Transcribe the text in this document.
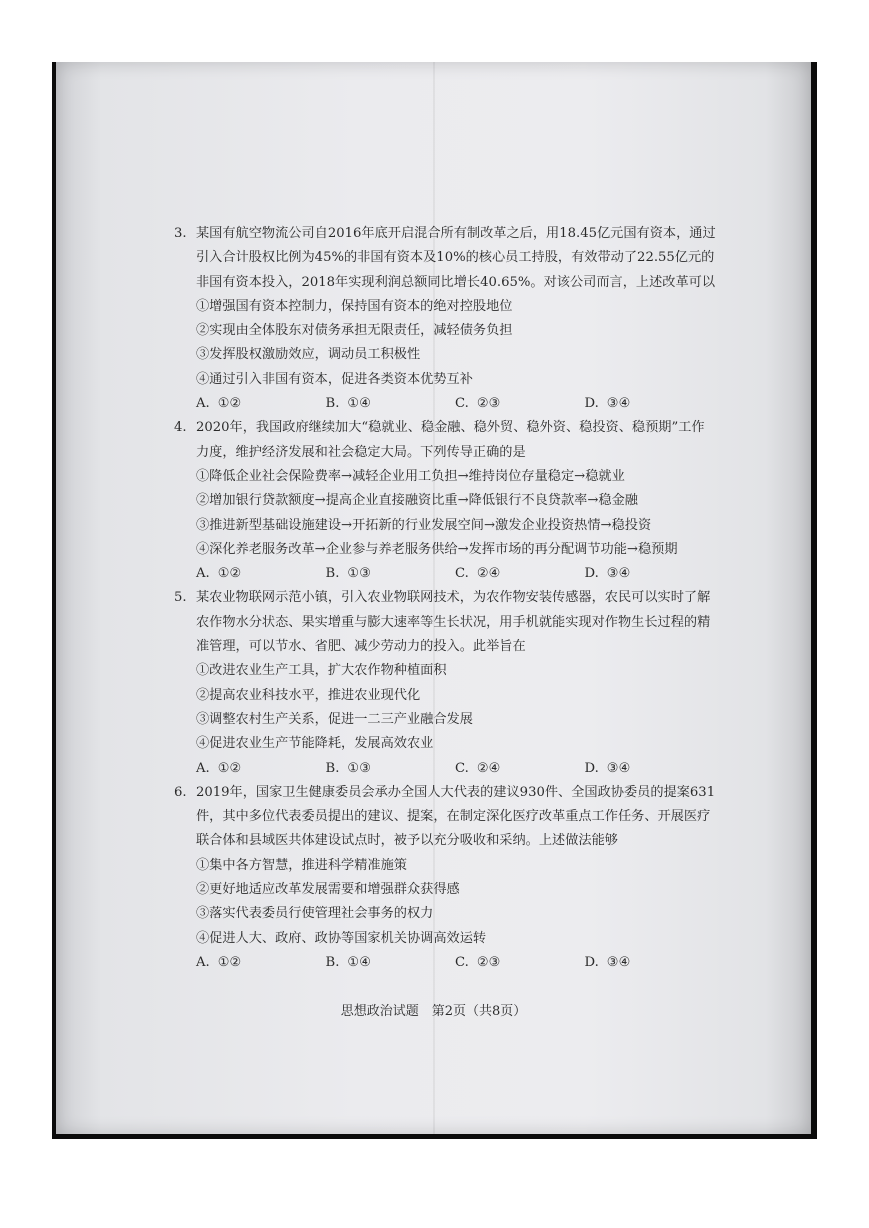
3. 某国有航空物流公司自2016年底开启混合所有制改革之后，用18.45亿元国有资本，通过
引入合计股权比例为45%的非国有资本及10%的核心员工持股，有效带动了22.55亿元的
非国有资本投入，2018年实现利润总额同比增长40.65%。对该公司而言，上述改革可以
①增强国有资本控制力，保持国有资本的绝对控股地位
②实现由全体股东对债务承担无限责任，减轻债务负担
③发挥股权激励效应，调动员工积极性
④通过引入非国有资本，促进各类资本优势互补
A. ①②	B. ①④	C. ②③	D. ③④
4. 2020年，我国政府继续加大“稳就业、稳金融、稳外贸、稳外资、稳投资、稳预期”工作
力度，维护经济发展和社会稳定大局。下列传导正确的是
①降低企业社会保险费率→减轻企业用工负担→维持岗位存量稳定→稳就业
②增加银行贷款额度→提高企业直接融资比重→降低银行不良贷款率→稳金融
③推进新型基础设施建设→开拓新的行业发展空间→激发企业投资热情→稳投资
④深化养老服务改革→企业参与养老服务供给→发挥市场的再分配调节功能→稳预期
A. ①②	B. ①③	C. ②④	D. ③④
5. 某农业物联网示范小镇，引入农业物联网技术，为农作物安装传感器，农民可以实时了解
农作物水分状态、果实增重与膨大速率等生长状况，用手机就能实现对作物生长过程的精
准管理，可以节水、省肥、减少劳动力的投入。此举旨在
①改进农业生产工具，扩大农作物种植面积
②提高农业科技水平，推进农业现代化
③调整农村生产关系，促进一二三产业融合发展
④促进农业生产节能降耗，发展高效农业
A. ①②	B. ①③	C. ②④	D. ③④
6. 2019年，国家卫生健康委员会承办全国人大代表的建议930件、全国政协委员的提案631
件，其中多位代表委员提出的建议、提案，在制定深化医疗改革重点工作任务、开展医疗
联合体和县域医共体建设试点时，被予以充分吸收和采纳。上述做法能够
①集中各方智慧，推进科学精准施策
②更好地适应改革发展需要和增强群众获得感
③落实代表委员行使管理社会事务的权力
④促进人大、政府、政协等国家机关协调高效运转
A. ①②	B. ①④	C. ②③	D. ③④
思想政治试题　第2页（共8页）
